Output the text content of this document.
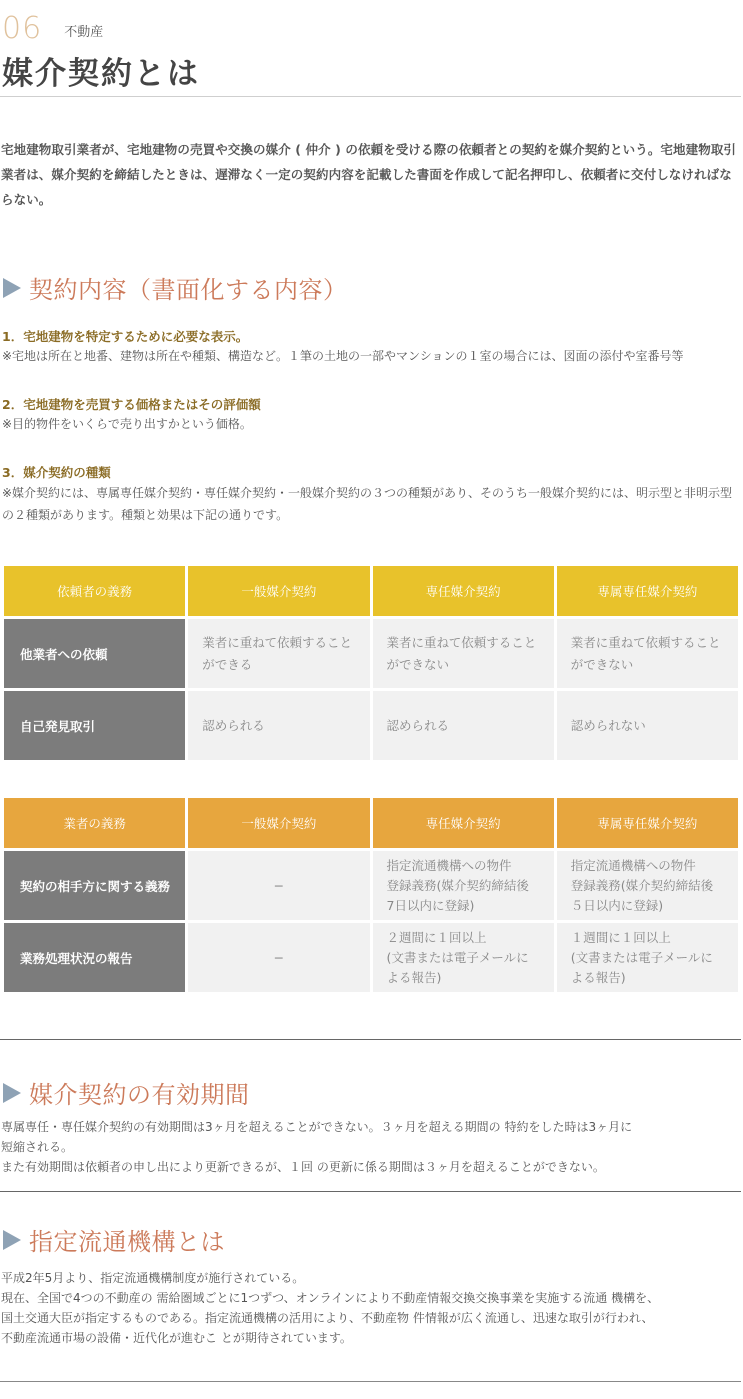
06 不動産
媒介契約とは

宅地建物取引業者が、宅地建物の売買や交換の媒介 ( 仲介 ) の依頼を受ける際の依頼者との契約を媒介契約という。宅地建物取引業者は、媒介契約を締結したときは、遅滞なく一定の契約内容を記載した書面を作成して記名押印し、依頼者に交付しなければならない。

契約内容（書面化する内容）
1．宅地建物を特定するために必要な表示。
※宅地は所在と地番、建物は所在や種類、構造など。１筆の土地の一部やマンションの１室の場合には、図面の添付や室番号等
2．宅地建物を売買する価格またはその評価額
※目的物件をいくらで売り出すかという価格。
3．媒介契約の種類
※媒介契約には、専属専任媒介契約・専任媒介契約・一般媒介契約の３つの種類があり、そのうち一般媒介契約には、明示型と非明示型の２種類があります。種類と効果は下記の通りです。
依頼者の義務	一般媒介契約	専任媒介契約	専属専任媒介契約
他業者への依頼	業者に重ねて依頼することができる	業者に重ねて依頼することができない	業者に重ねて依頼することができない
自己発見取引	認められる	認められる	認められない
業者の義務	一般媒介契約	専任媒介契約	専属専任媒介契約
契約の相手方に関する義務	−	指定流通機構への物件
登録義務(媒介契約締結後
7日以内に登録)	指定流通機構への物件
登録義務(媒介契約締結後
５日以内に登録)
業務処理状況の報告	−	２週間に１回以上
(文書または電子メールに
よる報告)	１週間に１回以上
(文書または電子メールに
よる報告)
媒介契約の有効期間

専属専任・専任媒介契約の有効期間は3ヶ月を超えることができない。３ヶ月を超える期間の 特約をした時は3ヶ月に
短縮される。
また有効期間は依頼者の申し出により更新できるが、１回 の更新に係る期間は３ヶ月を超えることができない。

指定流通機構とは

平成2年5月より、指定流通機構制度が施行されている。
現在、全国で4つの不動産の 需給圏域ごとに1つずつ、オンラインにより不動産情報交換交換事業を実施する流通 機構を、
国土交通大臣が指定するものである。指定流通機構の活用により、不動産物 件情報が広く流通し、迅速な取引が行われ、
不動産流通市場の設備・近代化が進むこ とが期待されています。
